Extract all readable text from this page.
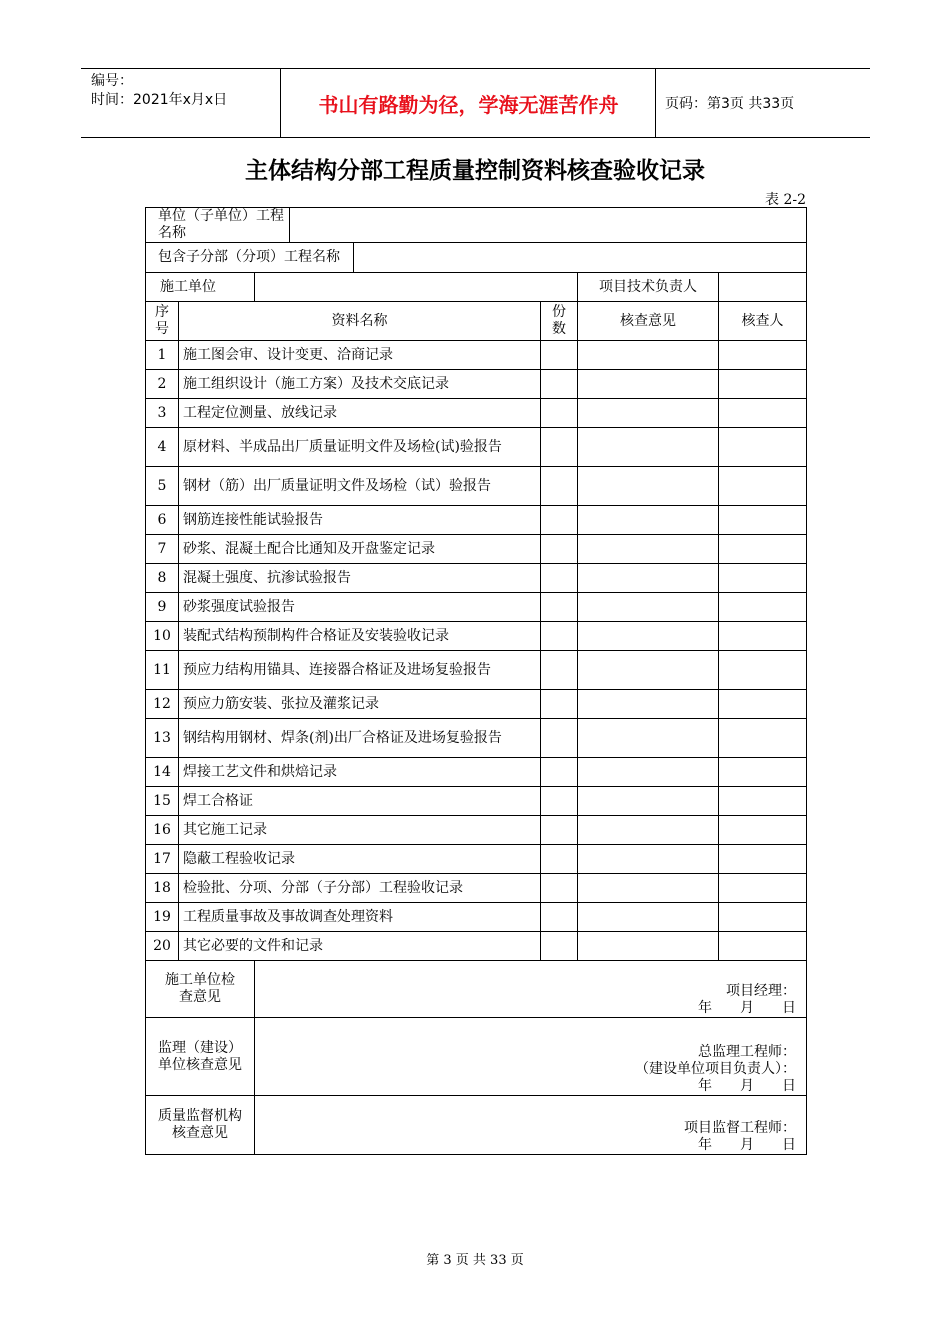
编号：
时间：2021年x月x日	书山有路勤为径，学海无涯苦作舟	页码：第3页 共33页
主体结构分部工程质量控制资料核查验收记录
表 2-2
单位（子单位）工程名称							
包含子分部（分项）工程名称							
施工单位						项目技术负责人	
序号	资料名称				份数	核查意见	核查人
1	施工图会审、设计变更、洽商记录						
2	施工组织设计（施工方案）及技术交底记录						
3	工程定位测量、放线记录						
4	原材料、半成品出厂质量证明文件及场检(试)验报告						
5	钢材（筋）出厂质量证明文件及场检（试）验报告						
6	钢筋连接性能试验报告						
7	砂浆、混凝土配合比通知及开盘鉴定记录						
8	混凝土强度、抗渗试验报告						
9	砂浆强度试验报告						
10	装配式结构预制构件合格证及安装验收记录						
11	预应力结构用锚具、连接器合格证及进场复验报告						
12	预应力筋安装、张拉及灌浆记录						
13	钢结构用钢材、焊条(剂)出厂合格证及进场复验报告						
14	焊接工艺文件和烘焙记录						
15	焊工合格证						
16	其它施工记录						
17	隐蔽工程验收记录						
18	检验批、分项、分部（子分部）工程验收记录						
19	工程质量事故及事故调查处理资料						
20	其它必要的文件和记录						
施工单位检查意见		项目经理：
年　　月　　日					

监理（建设）单位核查意见		总监理工程师：
（建设单位项目负责人）：
年　　月　　日					

质量监督机构核查意见		项目监督工程师：
年　　月　　日					
第 3 页 共 33 页
